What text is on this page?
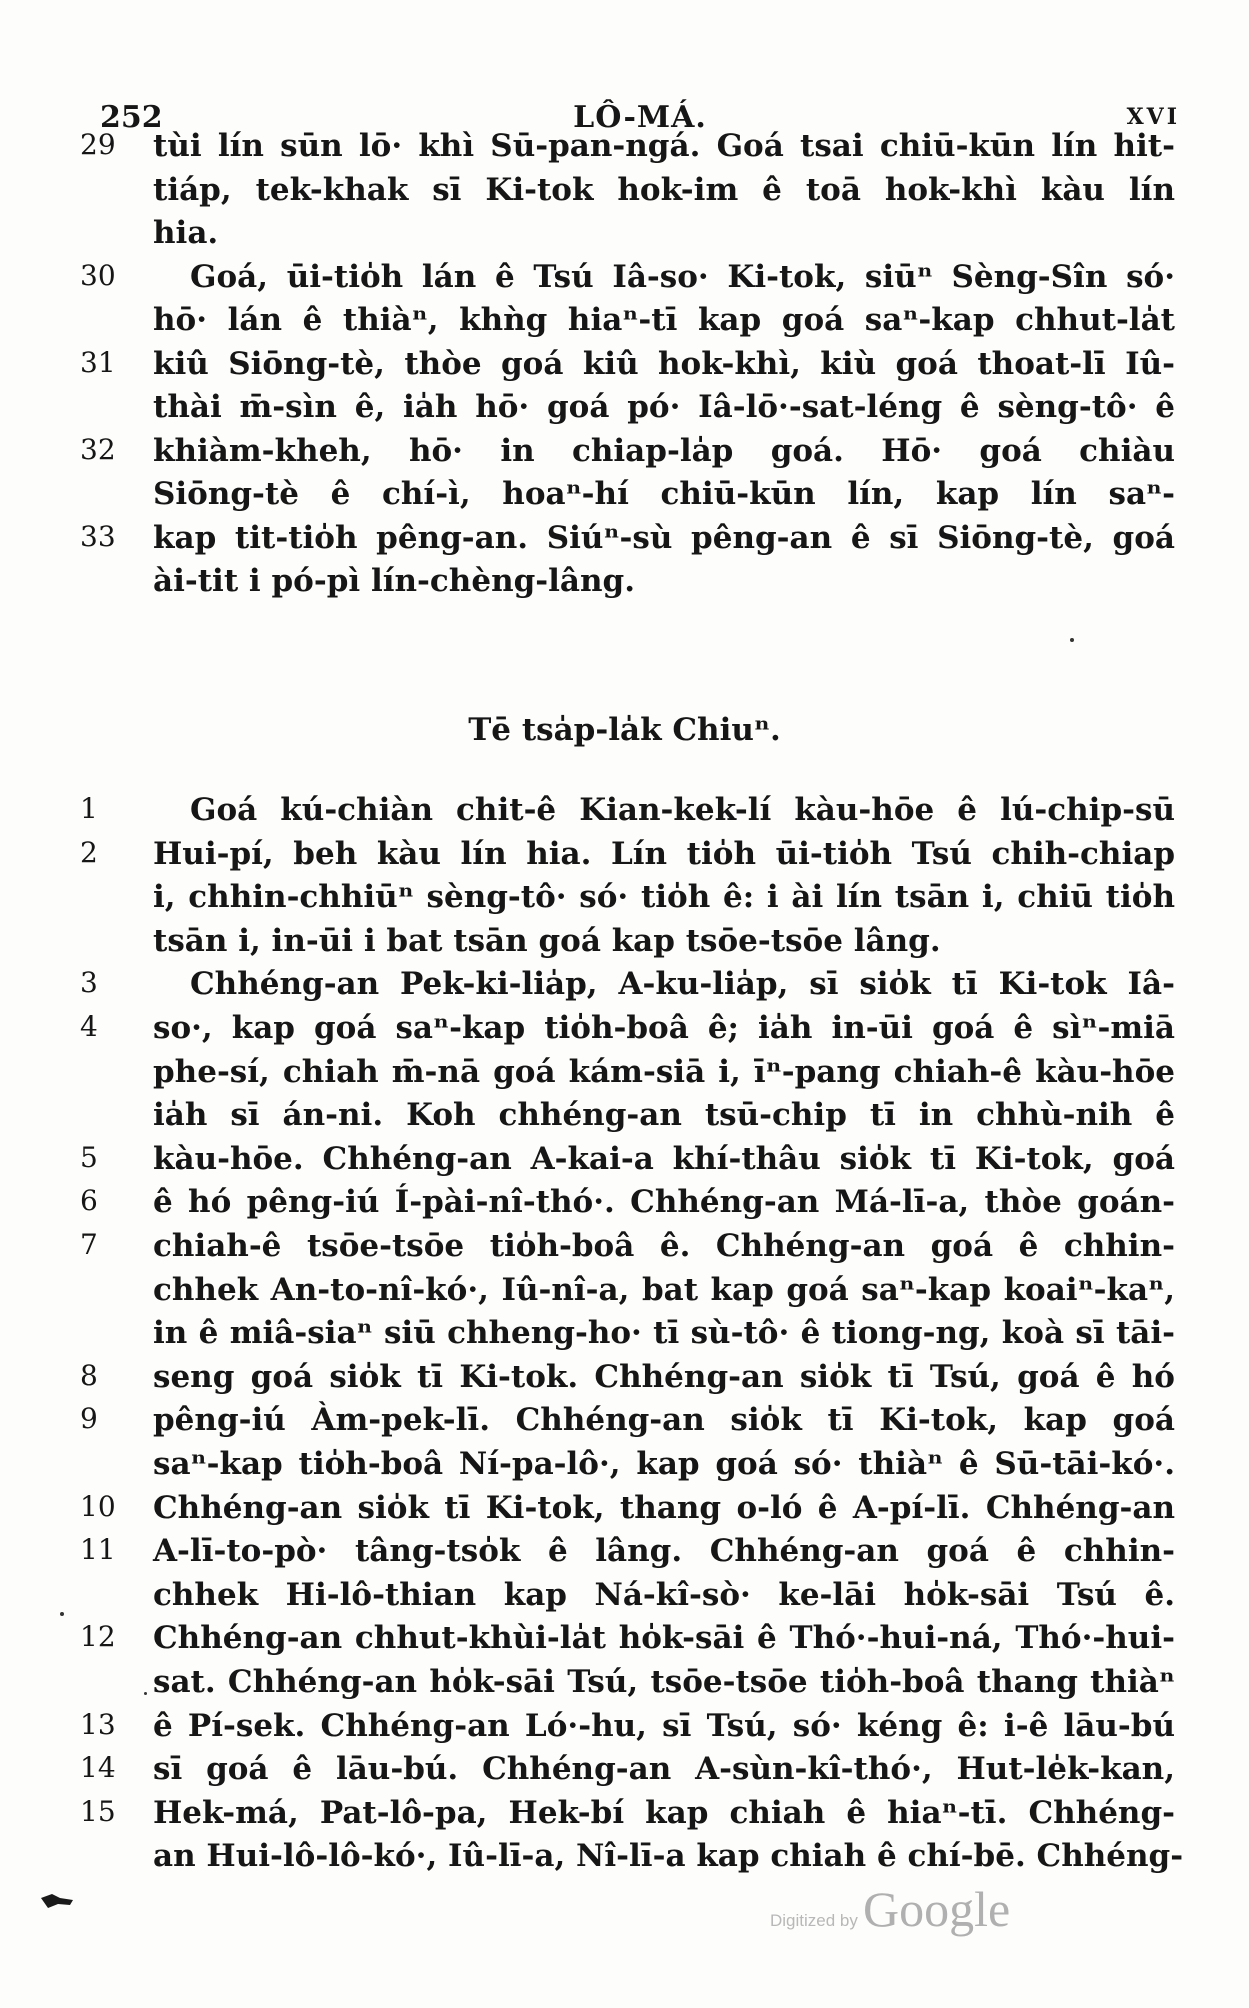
252	LÔ-MÁ.	XVI
29	tùi lín sūn lō· khì Sū-pan-ngá. Goá tsai chiū-kūn lín hit-
tiáp, tek-khak sī Ki-tok hok-im ê toā hok-khì kàu lín
hia.
30	Goá, ūi-tio̍h lán ê Tsú Iâ-so· Ki-tok, siūⁿ Sèng-Sîn só·
hō· lán ê thiàⁿ, khǹg hiaⁿ-tī kap goá saⁿ-kap chhut-la̍t
31	kiû Siōng-tè, thòe goá kiû hok-khì, kiù goá thoat-lī Iû-
thài m̄-sìn ê, ia̍h hō· goá pó· Iâ-lō·-sat-léng ê sèng-tô· ê
32	khiàm-kheh, hō· in chiap-la̍p goá. Hō· goá chiàu
Siōng-tè ê chí-ì, hoaⁿ-hí chiū-kūn lín, kap lín saⁿ-
33	kap tit-tio̍h pêng-an. Siúⁿ-sù pêng-an ê sī Siōng-tè, goá
ài-tit i pó-pì lín-chèng-lâng.
Tē tsa̍p-la̍k Chiuⁿ.
1	Goá kú-chiàn chit-ê Kian-kek-lí kàu-hōe ê lú-chip-sū
2	Hui-pí, beh kàu lín hia. Lín tio̍h ūi-tio̍h Tsú chih-chiap
i, chhin-chhiūⁿ sèng-tô· só· tio̍h ê: i ài lín tsān i, chiū tio̍h
tsān i, in-ūi i bat tsān goá kap tsōe-tsōe lâng.
3	Chhéng-an Pek-ki-lia̍p, A-ku-lia̍p, sī sio̍k tī Ki-tok Iâ-
4	so·, kap goá saⁿ-kap tio̍h-boâ ê; ia̍h in-ūi goá ê sìⁿ-miā
phe-sí, chiah m̄-nā goá kám-siā i, īⁿ-pang chiah-ê kàu-hōe
ia̍h sī án-ni. Koh chhéng-an tsū-chip tī in chhù-nih ê
5	kàu-hōe. Chhéng-an A-kai-a khí-thâu sio̍k tī Ki-tok, goá
6	ê hó pêng-iú Í-pài-nî-thó·. Chhéng-an Má-lī-a, thòe goán-
7	chiah-ê tsōe-tsōe tio̍h-boâ ê. Chhéng-an goá ê chhin-
chhek An-to-nî-kó·, Iû-nî-a, bat kap goá saⁿ-kap koaiⁿ-kaⁿ,
in ê miâ-siaⁿ siū chheng-ho· tī sù-tô· ê tiong-ng, koà sī tāi-
8	seng goá sio̍k tī Ki-tok. Chhéng-an sio̍k tī Tsú, goá ê hó
9	pêng-iú Àm-pek-lī. Chhéng-an sio̍k tī Ki-tok, kap goá
saⁿ-kap tio̍h-boâ Ní-pa-lô·, kap goá só· thiàⁿ ê Sū-tāi-kó·.
10	Chhéng-an sio̍k tī Ki-tok, thang o-ló ê A-pí-lī. Chhéng-an
11	A-lī-to-pò· tâng-tso̍k ê lâng. Chhéng-an goá ê chhin-
chhek Hi-lô-thian kap Ná-kî-sò· ke-lāi ho̍k-sāi Tsú ê.
12	Chhéng-an chhut-khùi-la̍t ho̍k-sāi ê Thó·-hui-ná, Thó·-hui-
sat. Chhéng-an ho̍k-sāi Tsú, tsōe-tsōe tio̍h-boâ thang thiàⁿ
13	ê Pí-sek. Chhéng-an Ló·-hu, sī Tsú, só· kéng ê: i-ê lāu-bú
14	sī goá ê lāu-bú. Chhéng-an A-sùn-kî-thó·, Hut-le̍k-kan,
15	Hek-má, Pat-lô-pa, Hek-bí kap chiah ê hiaⁿ-tī. Chhéng-
an Hui-lô-lô-kó·, Iû-lī-a, Nî-lī-a kap chiah ê chí-bē. Chhéng-
Digitized by Google
